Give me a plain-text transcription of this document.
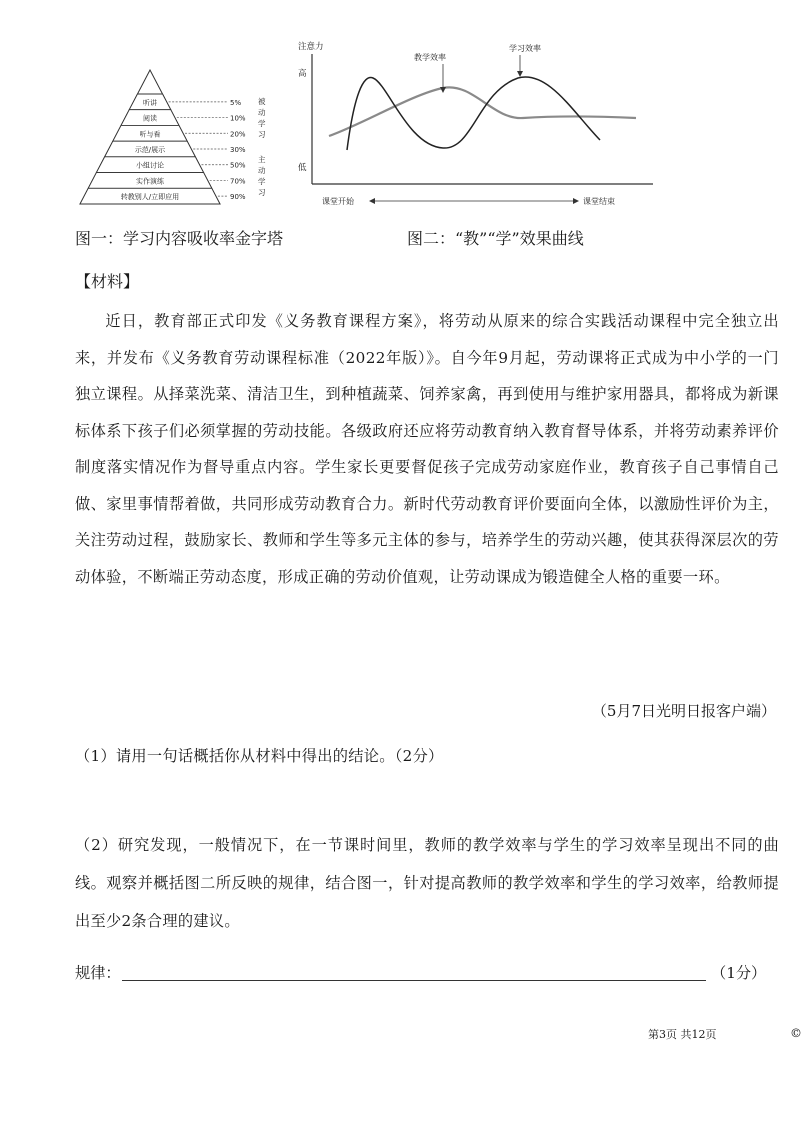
听讲	5%
阅读	10%
听与看	20%
示范/展示	30%
小组讨论	50%
实作演练	70%
转教别人/立即应用	90%
被动学习
主动学习
注意力
高
低
教学效率
学习效率
课堂开始	课堂结束
图一：学习内容吸收率金字塔	图二：“教”“学”效果曲线
【材料】

近日，教育部正式印发《义务教育课程方案》，将劳动从原来的综合实践活动课程中完全独立出来，并发布《义务教育劳动课程标准（2022年版）》。自今年9月起，劳动课将正式成为中小学的一门独立课程。从择菜洗菜、清洁卫生，到种植蔬菜、饲养家禽，再到使用与维护家用器具，都将成为新课标体系下孩子们必须掌握的劳动技能。各级政府还应将劳动教育纳入教育督导体系，并将劳动素养评价制度落实情况作为督导重点内容。学生家长更要督促孩子完成劳动家庭作业，教育孩子自己事情自己做、家里事情帮着做，共同形成劳动教育合力。新时代劳动教育评价要面向全体，以激励性评价为主，关注劳动过程，鼓励家长、教师和学生等多元主体的参与，培养学生的劳动兴趣，使其获得深层次的劳动体验，不断端正劳动态度，形成正确的劳动价值观，让劳动课成为锻造健全人格的重要一环。

（5月7日光明日报客户端）
（1）请用一句话概括你从材料中得出的结论。（2分）

（2）研究发现，一般情况下，在一节课时间里，教师的教学效率与学生的学习效率呈现出不同的曲线。观察并概括图二所反映的规律，结合图一，针对提高教师的教学效率和学生的学习效率，给教师提出至少2条合理的建议。

规律：	（1分）
第3页 共12页	©
